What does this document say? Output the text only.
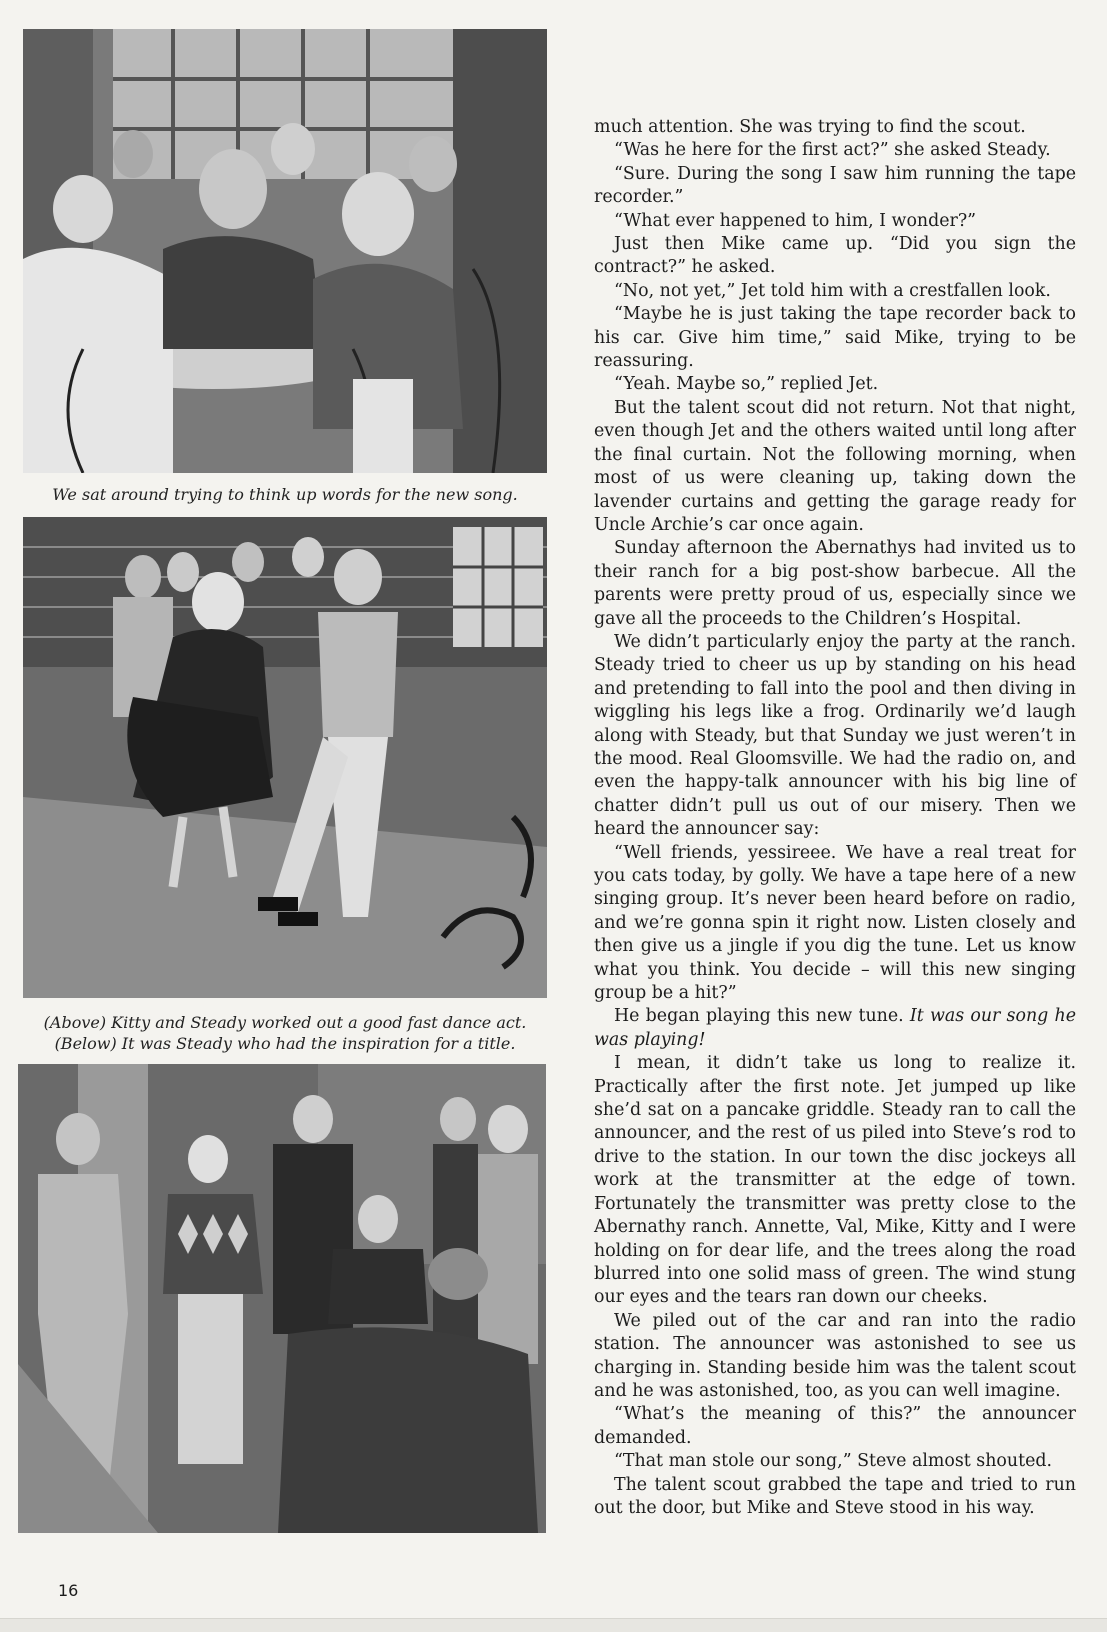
We sat around trying to think up words for the new song.
(Above) Kitty and Steady worked out a good fast dance act.
(Below) It was Steady who had the inspiration for a title.

much attention. She was trying to find the scout.

“Was he here for the first act?” she asked Steady.

“Sure. During the song I saw him running the tape recorder.”

“What ever happened to him, I wonder?”

Just then Mike came up. “Did you sign the contract?” he asked.

“No, not yet,” Jet told him with a crestfallen look.

“Maybe he is just taking the tape recorder back to his car. Give him time,” said Mike, trying to be reassuring.

“Yeah. Maybe so,” replied Jet.

But the talent scout did not return. Not that night, even though Jet and the others waited until long after the final curtain. Not the following morning, when most of us were cleaning up, taking down the lavender curtains and getting the garage ready for Uncle Archie’s car once again.

Sunday afternoon the Abernathys had invited us to their ranch for a big post-show barbecue. All the parents were pretty proud of us, especially since we gave all the proceeds to the Children’s Hospital.

We didn’t particularly enjoy the party at the ranch. Steady tried to cheer us up by standing on his head and pretending to fall into the pool and then diving in wiggling his legs like a frog. Ordinarily we’d laugh along with Steady, but that Sunday we just weren’t in the mood. Real Gloomsville. We had the radio on, and even the happy-talk announcer with his big line of chatter didn’t pull us out of our misery. Then we heard the announcer say:

“Well friends, yessireee. We have a real treat for you cats today, by golly. We have a tape here of a new singing group. It’s never been heard before on radio, and we’re gonna spin it right now. Listen closely and then give us a jingle if you dig the tune. Let us know what you think. You decide – will this new singing group be a hit?”

He began playing this new tune. It was our song he was playing!

I mean, it didn’t take us long to realize it. Practically after the first note. Jet jumped up like she’d sat on a pancake griddle. Steady ran to call the announcer, and the rest of us piled into Steve’s rod to drive to the station. In our town the disc jockeys all work at the transmitter at the edge of town. Fortunately the transmitter was pretty close to the Abernathy ranch. Annette, Val, Mike, Kitty and I were holding on for dear life, and the trees along the road blurred into one solid mass of green. The wind stung our eyes and the tears ran down our cheeks.

We piled out of the car and ran into the radio station. The announcer was astonished to see us charging in. Standing beside him was the talent scout and he was astonished, too, as you can well imagine.

“What’s the meaning of this?” the announcer demanded.

“That man stole our song,” Steve almost shouted.

The talent scout grabbed the tape and tried to run out the door, but Mike and Steve stood in his way.

16
